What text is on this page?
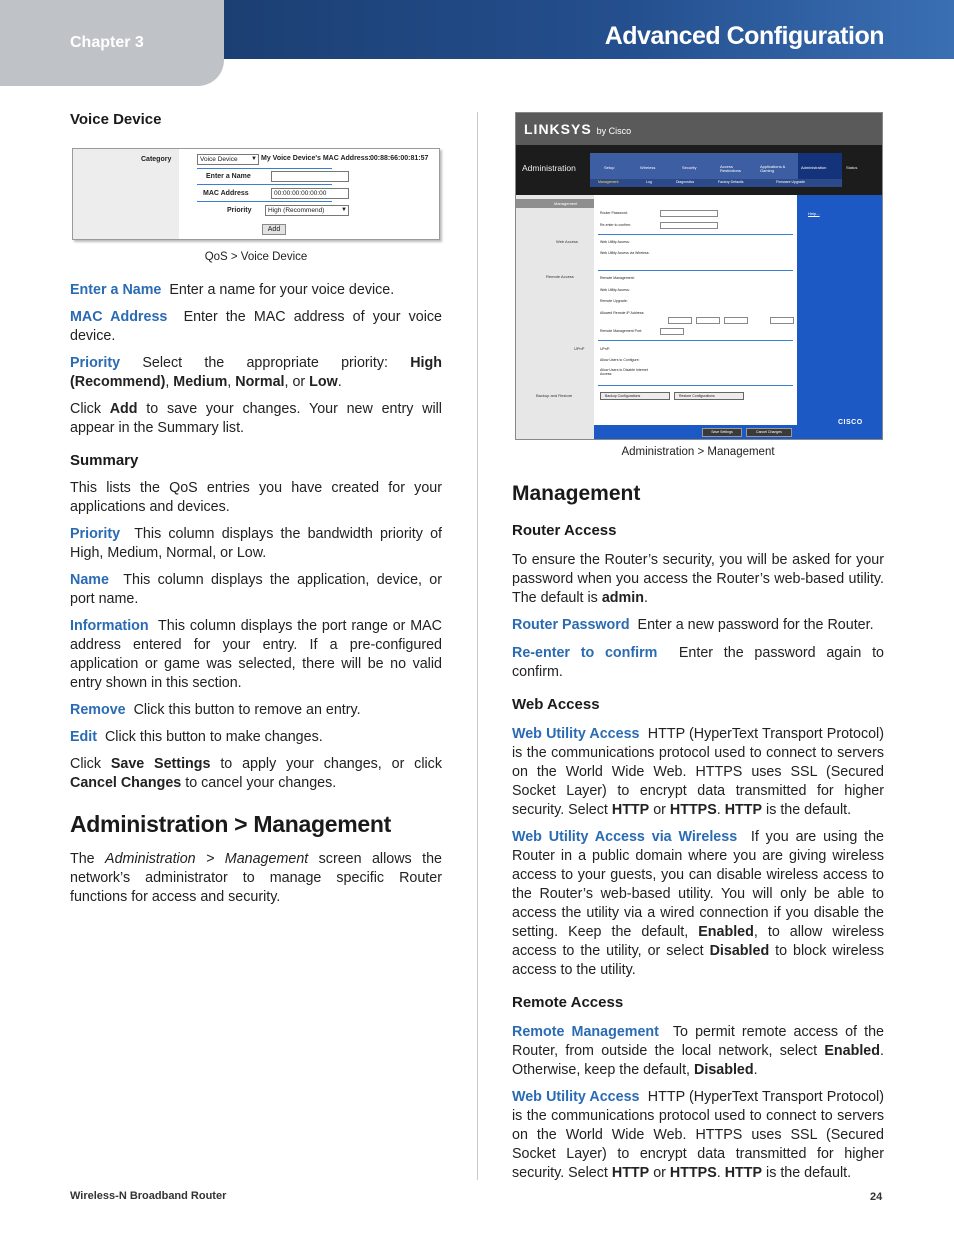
Chapter 3	Advanced Configuration
Voice Device
Category	Voice Device ▼ My Voice Device's MAC Address: 00:88:66:00:81:57
Enter a Name
MAC Address	00:00:00:00:00:00
Priority	High (Recommend)	▼
Add
QoS > Voice Device

Enter a Name Enter a name for your voice device.

MAC Address Enter the MAC address of your voice device.

Priority Select the appropriate priority: High (Recommend), Medium, Normal, or Low.

Click Add to save your changes. Your new entry will appear in the Summary list.

Summary

This lists the QoS entries you have created for your applications and devices.

Priority This column displays the bandwidth priority of High, Medium, Normal, or Low.

Name This column displays the application, device, or port name.

Information This column displays the port range or MAC address entered for your entry. If a pre-configured application or game was selected, there will be no valid entry shown in this section.

Remove Click this button to remove an entry.

Edit Click this button to make changes.

Click Save Settings to apply your changes, or click Cancel Changes to cancel your changes.

Administration > Management

The Administration > Management screen allows the network’s administrator to manage specific Router functions for access and security.

LINKSYS by Cisco
Administration	Setup	Wireless	Security	Access Restrictions
Applications & Gaming
Administration	Status
Management	Log	Diagnostics	Factory Defaults	Firmware Upgrade
Management
Web Access
Remote Access
UPnP
Backup and Restore
Help...
Router Password:
Re-enter to confirm:
Web Utility Access:
Web Utility Access via Wireless:
Remote Management:
Web Utility Access:
Remote Upgrade:
Allowed Remote IP Address:
Remote Management Port:
UPnP:
Allow Users to Configure:
Allow Users to Disable Internet Access:
Backup Configurations	Restore Configurations
Save Settings	Cancel Changes
CISCO
Administration > Management
Management
Router Access

To ensure the Router’s security, you will be asked for your password when you access the Router’s web-based utility. The default is admin.

Router Password Enter a new password for the Router.

Re-enter to confirm Enter the password again to confirm.

Web Access

Web Utility Access HTTP (HyperText Transport Protocol) is the communications protocol used to connect to servers on the World Wide Web. HTTPS uses SSL (Secured Socket Layer) to encrypt data transmitted for higher security. Select HTTP or HTTPS. HTTP is the default.

Web Utility Access via Wireless If you are using the Router in a public domain where you are giving wireless access to your guests, you can disable wireless access to the Router’s web-based utility. You will only be able to access the utility via a wired connection if you disable the setting. Keep the default, Enabled, to allow wireless access to the utility, or select Disabled to block wireless access to the utility.

Remote Access

Remote Management To permit remote access of the Router, from outside the local network, select Enabled. Otherwise, keep the default, Disabled.

Web Utility Access HTTP (HyperText Transport Protocol) is the communications protocol used to connect to servers on the World Wide Web. HTTPS uses SSL (Secured Socket Layer) to encrypt data transmitted for higher security. Select HTTP or HTTPS. HTTP is the default.

Wireless-N Broadband Router	24
